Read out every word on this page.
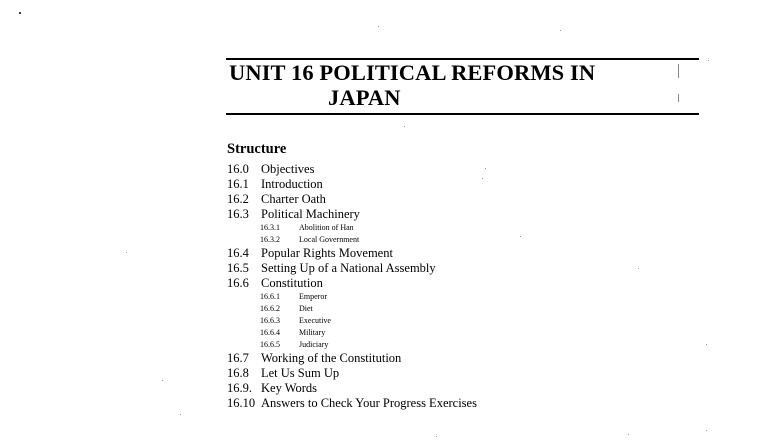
UNIT 16 POLITICAL REFORMS IN
JAPAN
Structure
16.0 Objectives
16.1 Introduction
16.2 Charter Oath
16.3 Political Machinery
16.3.1	Abolition of Han
16.3.2	Local Government
16.4 Popular Rights Movement
16.5 Setting Up of a National Assembly
16.6 Constitution
16.6.1	Emperor
16.6.2	Diet
16.6.3	Executive
16.6.4	Military
16.6.5	Judiciary
16.7 Working of the Constitution
16.8 Let Us Sum Up
16.9. Key Words
16.10 Answers to Check Your Progress Exercises
